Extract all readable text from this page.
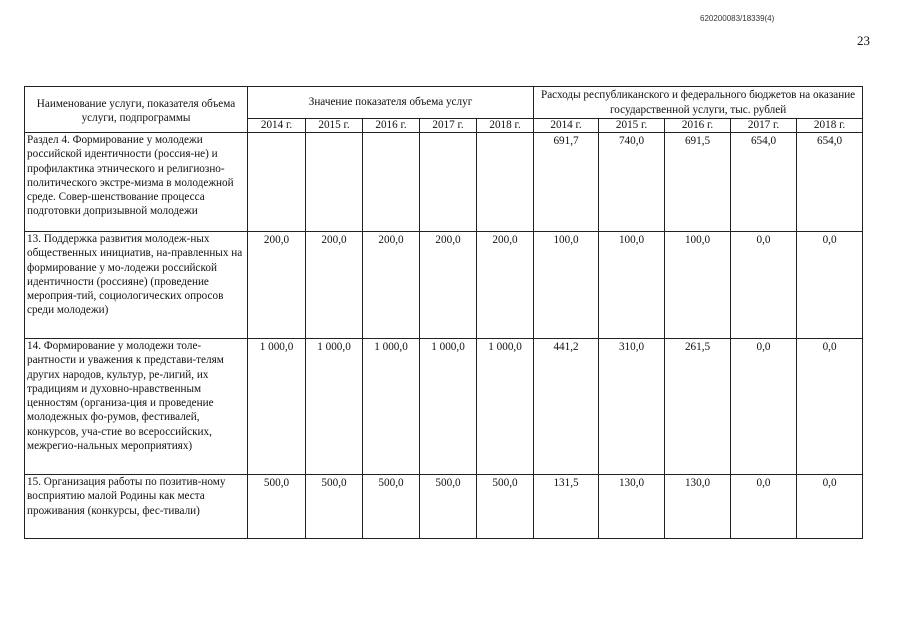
620200083/18339(4)
23
Наименование услуги, показателя объема услуги, подпрограммы	Значение показателя объема услуг					Расходы республиканского и федерального бюджетов на оказание государственной услуги, тыс. рублей				
	2014 г.	2015 г.	2016 г.	2017 г.	2018 г.	2014 г.	2015 г.	2016 г.	2017 г.	2018 г.
Раздел 4. Формирование у молодежи российской идентичности (россия-не) и профилактика этнического и религиозно-политического экстре-мизма в молодежной среде. Совер-шенствование процесса подготовки допризывной молодежи						691,7	740,0	691,5	654,0	654,0
13. Поддержка развития молодеж-ных общественных инициатив, на-правленных на формирование у мо-лодежи российской идентичности (россияне) (проведение мероприя-тий, социологических опросов среди молодежи)	200,0	200,0	200,0	200,0	200,0	100,0	100,0	100,0	0,0	0,0
14. Формирование у молодежи толе-рантности и уважения к представи-телям других народов, культур, ре-лигий, их традициям и духовно-нравственным ценностям (организа-ция и проведение молодежных фо-румов, фестивалей, конкурсов, уча-стие во всероссийских, межрегио-нальных мероприятиях)	1 000,0	1 000,0	1 000,0	1 000,0	1 000,0	441,2	310,0	261,5	0,0	0,0
15. Организация работы по позитив-ному восприятию малой Родины как места проживания (конкурсы, фес-тивали)	500,0	500,0	500,0	500,0	500,0	131,5	130,0	130,0	0,0	0,0
